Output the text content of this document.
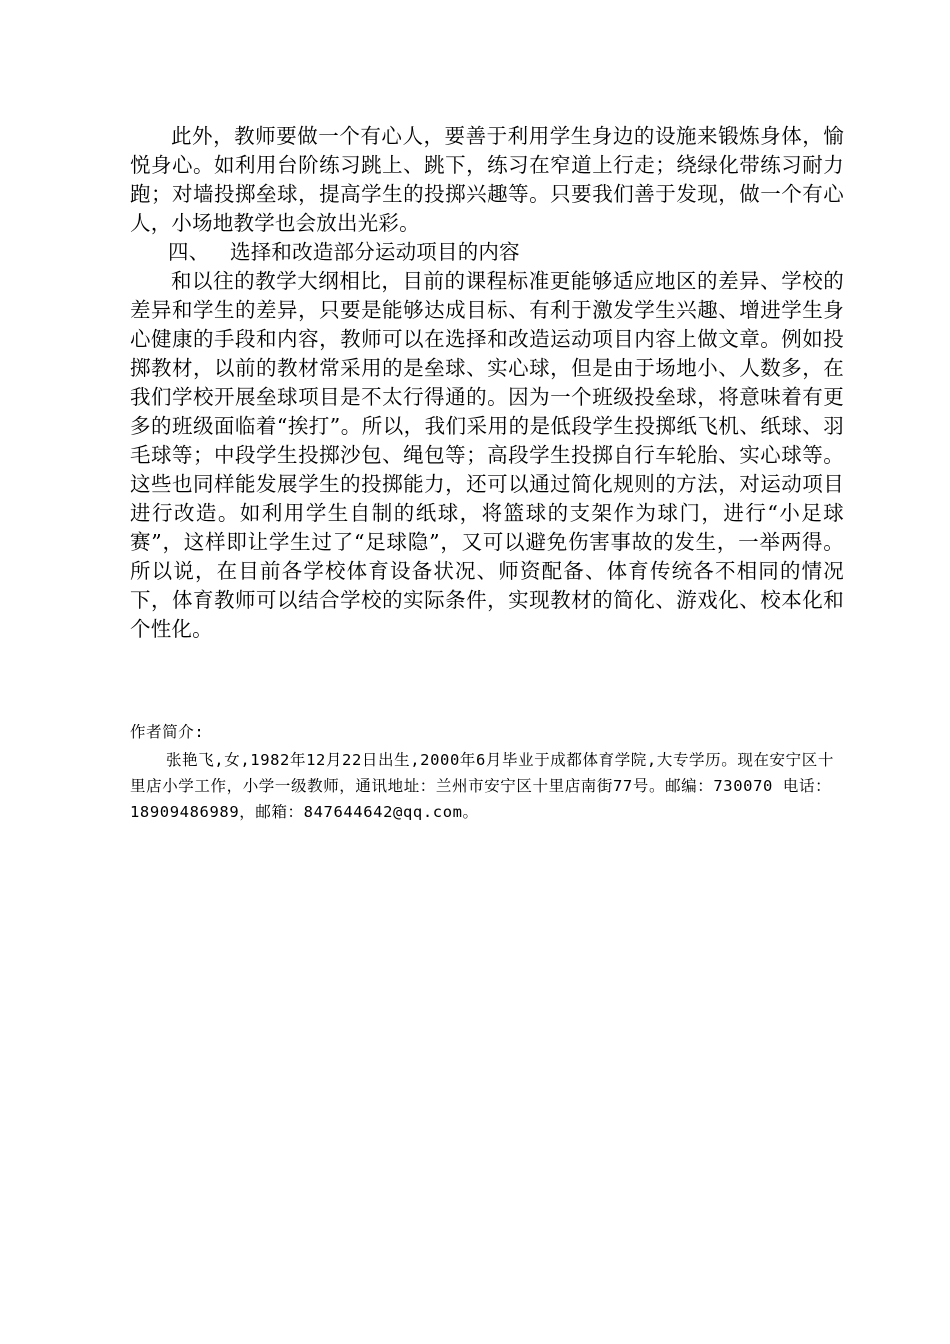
此外，教师要做一个有心人，要善于利用学生身边的设施来锻炼身体，愉悦身心。如利用台阶练习跳上、跳下，练习在窄道上行走；绕绿化带练习耐力跑；对墙投掷垒球，提高学生的投掷兴趣等。只要我们善于发现，做一个有心人，小场地教学也会放出光彩。

四、 选择和改造部分运动项目的内容

和以往的教学大纲相比，目前的课程标准更能够适应地区的差异、学校的差异和学生的差异，只要是能够达成目标、有利于激发学生兴趣、增进学生身心健康的手段和内容，教师可以在选择和改造运动项目内容上做文章。例如投掷教材，以前的教材常采用的是垒球、实心球，但是由于场地小、人数多，在我们学校开展垒球项目是不太行得通的。因为一个班级投垒球，将意味着有更多的班级面临着“挨打”。所以，我们采用的是低段学生投掷纸飞机、纸球、羽毛球等；中段学生投掷沙包、绳包等；高段学生投掷自行车轮胎、实心球等。这些也同样能发展学生的投掷能力，还可以通过简化规则的方法，对运动项目进行改造。如利用学生自制的纸球，将篮球的支架作为球门，进行“小足球赛”，这样即让学生过了“足球隐”，又可以避免伤害事故的发生，一举两得。所以说，在目前各学校体育设备状况、师资配备、体育传统各不相同的情况下，体育教师可以结合学校的实际条件，实现教材的简化、游戏化、校本化和个性化。

作者简介:

张艳飞,女,1982年12月22日出生,2000年6月毕业于成都体育学院,大专学历。现在安宁区十里店小学工作，小学一级教师，通讯地址：兰州市安宁区十里店南街77号。邮编：730070 电话：18909486989，邮箱：847644642@qq.com。
